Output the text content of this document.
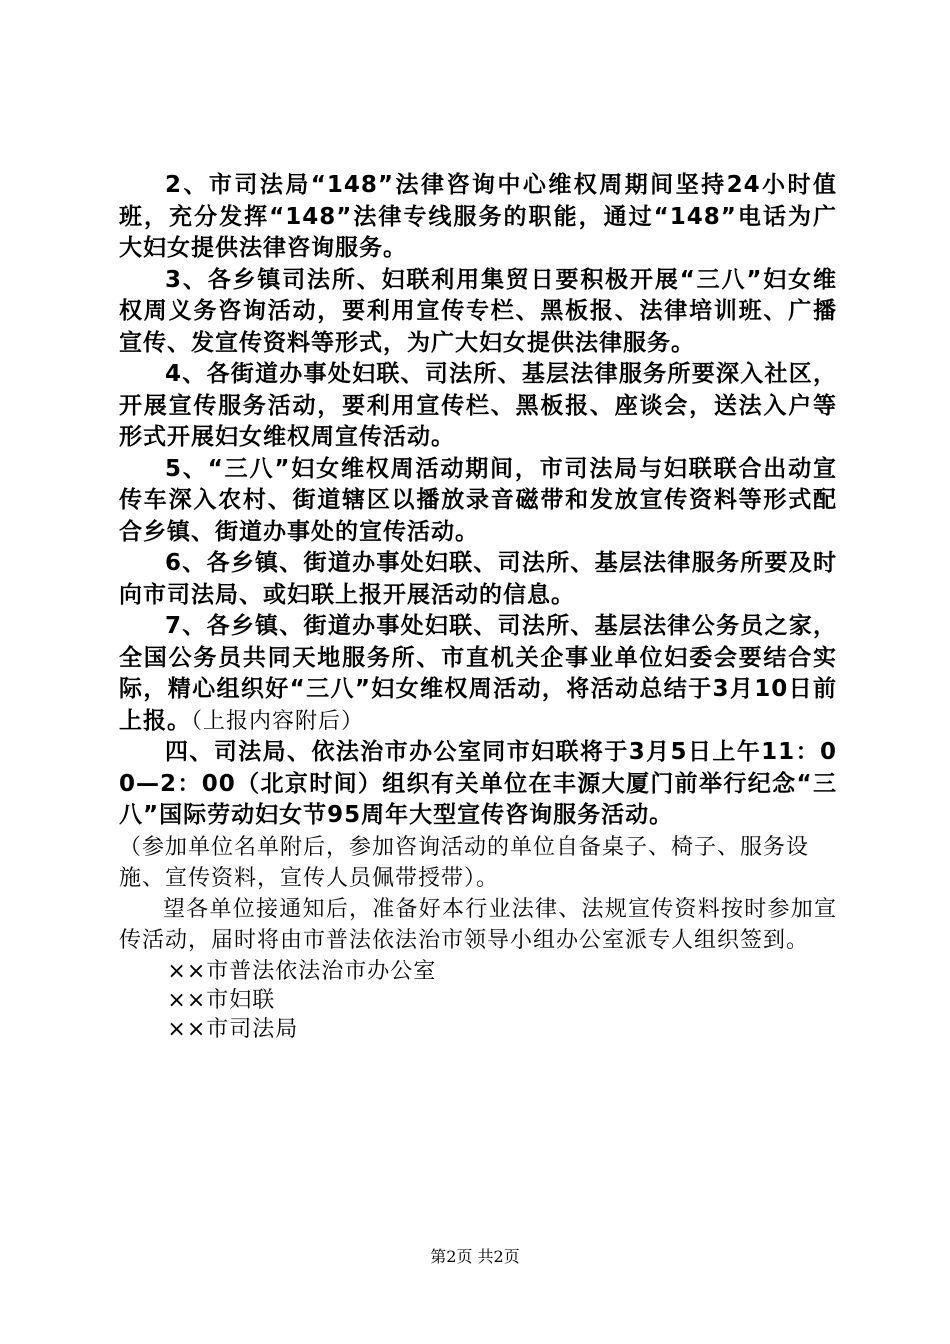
2、市司法局“148”法律咨询中心维权周期间坚持24小时值班，充分发挥“148”法律专线服务的职能，通过“148”电话为广大妇女提供法律咨询服务。

3、各乡镇司法所、妇联利用集贸日要积极开展“三八”妇女维权周义务咨询活动，要利用宣传专栏、黑板报、法律培训班、广播宣传、发宣传资料等形式，为广大妇女提供法律服务。

4、各街道办事处妇联、司法所、基层法律服务所要深入社区，开展宣传服务活动，要利用宣传栏、黑板报、座谈会，送法入户等形式开展妇女维权周宣传活动。

5、“三八”妇女维权周活动期间，市司法局与妇联联合出动宣传车深入农村、街道辖区以播放录音磁带和发放宣传资料等形式配合乡镇、街道办事处的宣传活动。

6、各乡镇、街道办事处妇联、司法所、基层法律服务所要及时向市司法局、或妇联上报开展活动的信息。

7、各乡镇、街道办事处妇联、司法所、基层法律公务员之家，全国公务员共同天地服务所、市直机关企事业单位妇委会要结合实际，精心组织好“三八”妇女维权周活动，将活动总结于3月10日前上报。（上报内容附后）

四、司法局、依法治市办公室同市妇联将于3月5日上午11：00—2：00（北京时间）组织有关单位在丰源大厦门前举行纪念“三八”国际劳动妇女节95周年大型宣传咨询服务活动。

（参加单位名单附后，参加咨询活动的单位自备桌子、椅子、服务设施、宣传资料，宣传人员佩带授带）。

望各单位接通知后，准备好本行业法律、法规宣传资料按时参加宣传活动，届时将由市普法依法治市领导小组办公室派专人组织签到。

××市普法依法治市办公室

××市妇联

××市司法局

第2页 共2页
